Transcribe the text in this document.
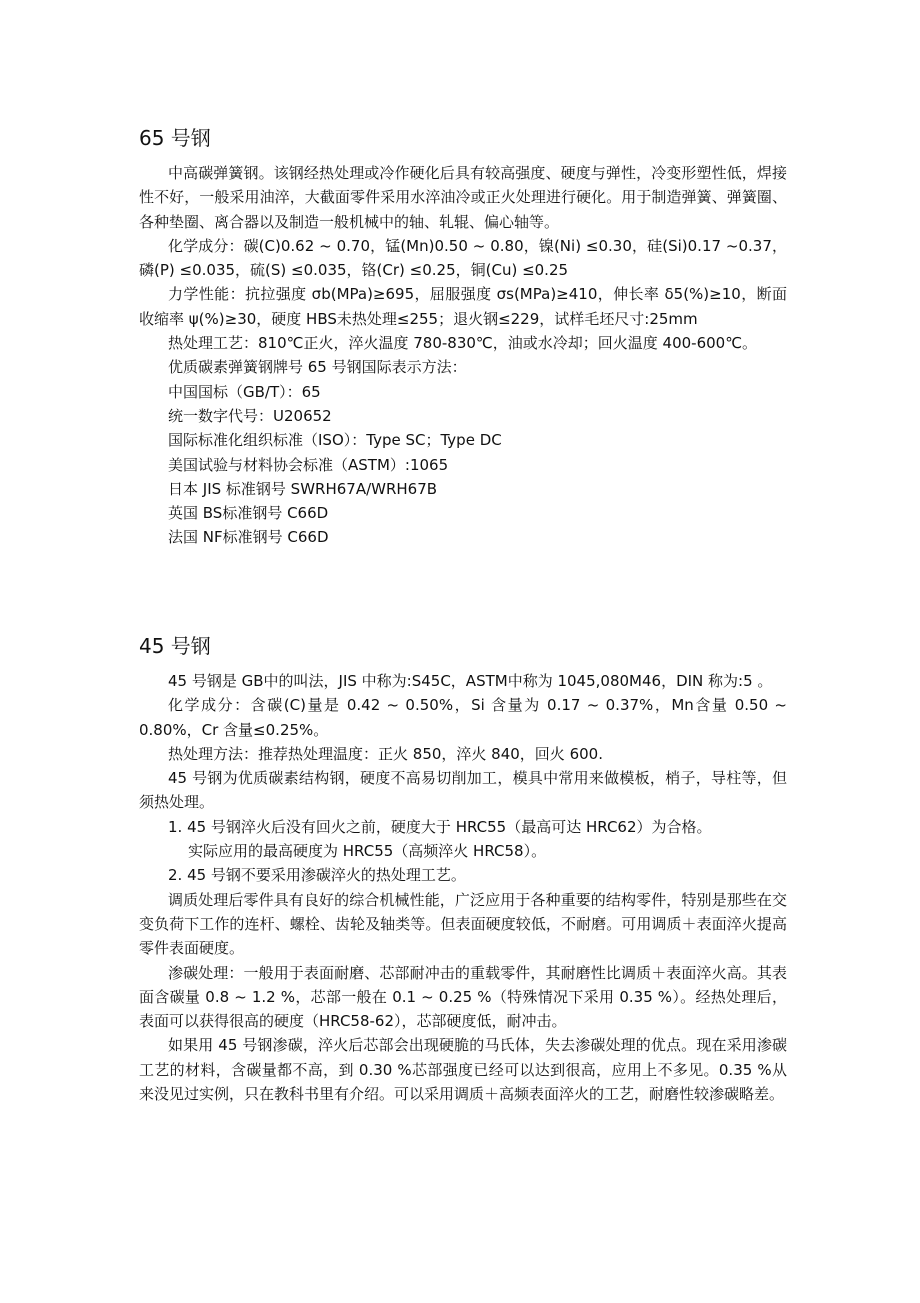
65 号钢

中高碳弹簧钢。该钢经热处理或冷作硬化后具有较高强度、硬度与弹性，冷变形塑性低，焊接性不好，一般采用油淬，大截面零件采用水淬油冷或正火处理进行硬化。用于制造弹簧、弹簧圈、各种垫圈、离合器以及制造一般机械中的轴、轧辊、偏心轴等。

化学成分：碳(C)0.62 ~ 0.70，锰(Mn)0.50 ~ 0.80，镍(Ni) ≤0.30，硅(Si)0.17 ~0.37，磷(P) ≤0.035，硫(S) ≤0.035，铬(Cr) ≤0.25，铜(Cu) ≤0.25

力学性能：抗拉强度 σb(MPa)≥695，屈服强度 σs(MPa)≥410，伸长率 δ5(%)≥10，断面收缩率 ψ(%)≥30，硬度 HBS未热处理≤255；退火钢≤229，试样毛坯尺寸:25mm

热处理工艺：810℃正火，淬火温度 780-830℃，油或水冷却；回火温度 400-600℃。

优质碳素弹簧钢牌号 65 号钢国际表示方法：

中国国标（GB/T）：65

统一数字代号：U20652

国际标准化组织标准（ISO）：Type SC；Type DC

美国试验与材料协会标准（ASTM）:1065

日本 JIS 标准钢号 SWRH67A/WRH67B

英国 BS标准钢号 C66D

法国 NF标准钢号 C66D

45 号钢

45 号钢是 GB中的叫法，JIS 中称为:S45C，ASTM中称为 1045,080M46，DIN 称为:5 。

化学成分：含碳(C)量是 0.42 ~ 0.50%，Si 含量为 0.17 ~ 0.37%，Mn含量 0.50 ~ 0.80%，Cr 含量≤0.25%。

热处理方法：推荐热处理温度：正火 850，淬火 840，回火 600.

45 号钢为优质碳素结构钢，硬度不高易切削加工，模具中常用来做模板，梢子，导柱等，但须热处理。

1. 45 号钢淬火后没有回火之前，硬度大于 HRC55（最高可达 HRC62）为合格。
实际应用的最高硬度为 HRC55（高频淬火 HRC58）。

2. 45 号钢不要采用渗碳淬火的热处理工艺。

调质处理后零件具有良好的综合机械性能，广泛应用于各种重要的结构零件，特别是那些在交变负荷下工作的连杆、螺栓、齿轮及轴类等。但表面硬度较低，不耐磨。可用调质＋表面淬火提高零件表面硬度。

渗碳处理：一般用于表面耐磨、芯部耐冲击的重载零件，其耐磨性比调质＋表面淬火高。其表面含碳量 0.8 ~ 1.2 %，芯部一般在 0.1 ~ 0.25 %（特殊情况下采用 0.35 %）。经热处理后，表面可以获得很高的硬度（HRC58-62），芯部硬度低，耐冲击。

如果用 45 号钢渗碳，淬火后芯部会出现硬脆的马氏体，失去渗碳处理的优点。现在采用渗碳工艺的材料，含碳量都不高，到 0.30 %芯部强度已经可以达到很高，应用上不多见。0.35 %从来没见过实例，只在教科书里有介绍。可以采用调质＋高频表面淬火的工艺，耐磨性较渗碳略差。
